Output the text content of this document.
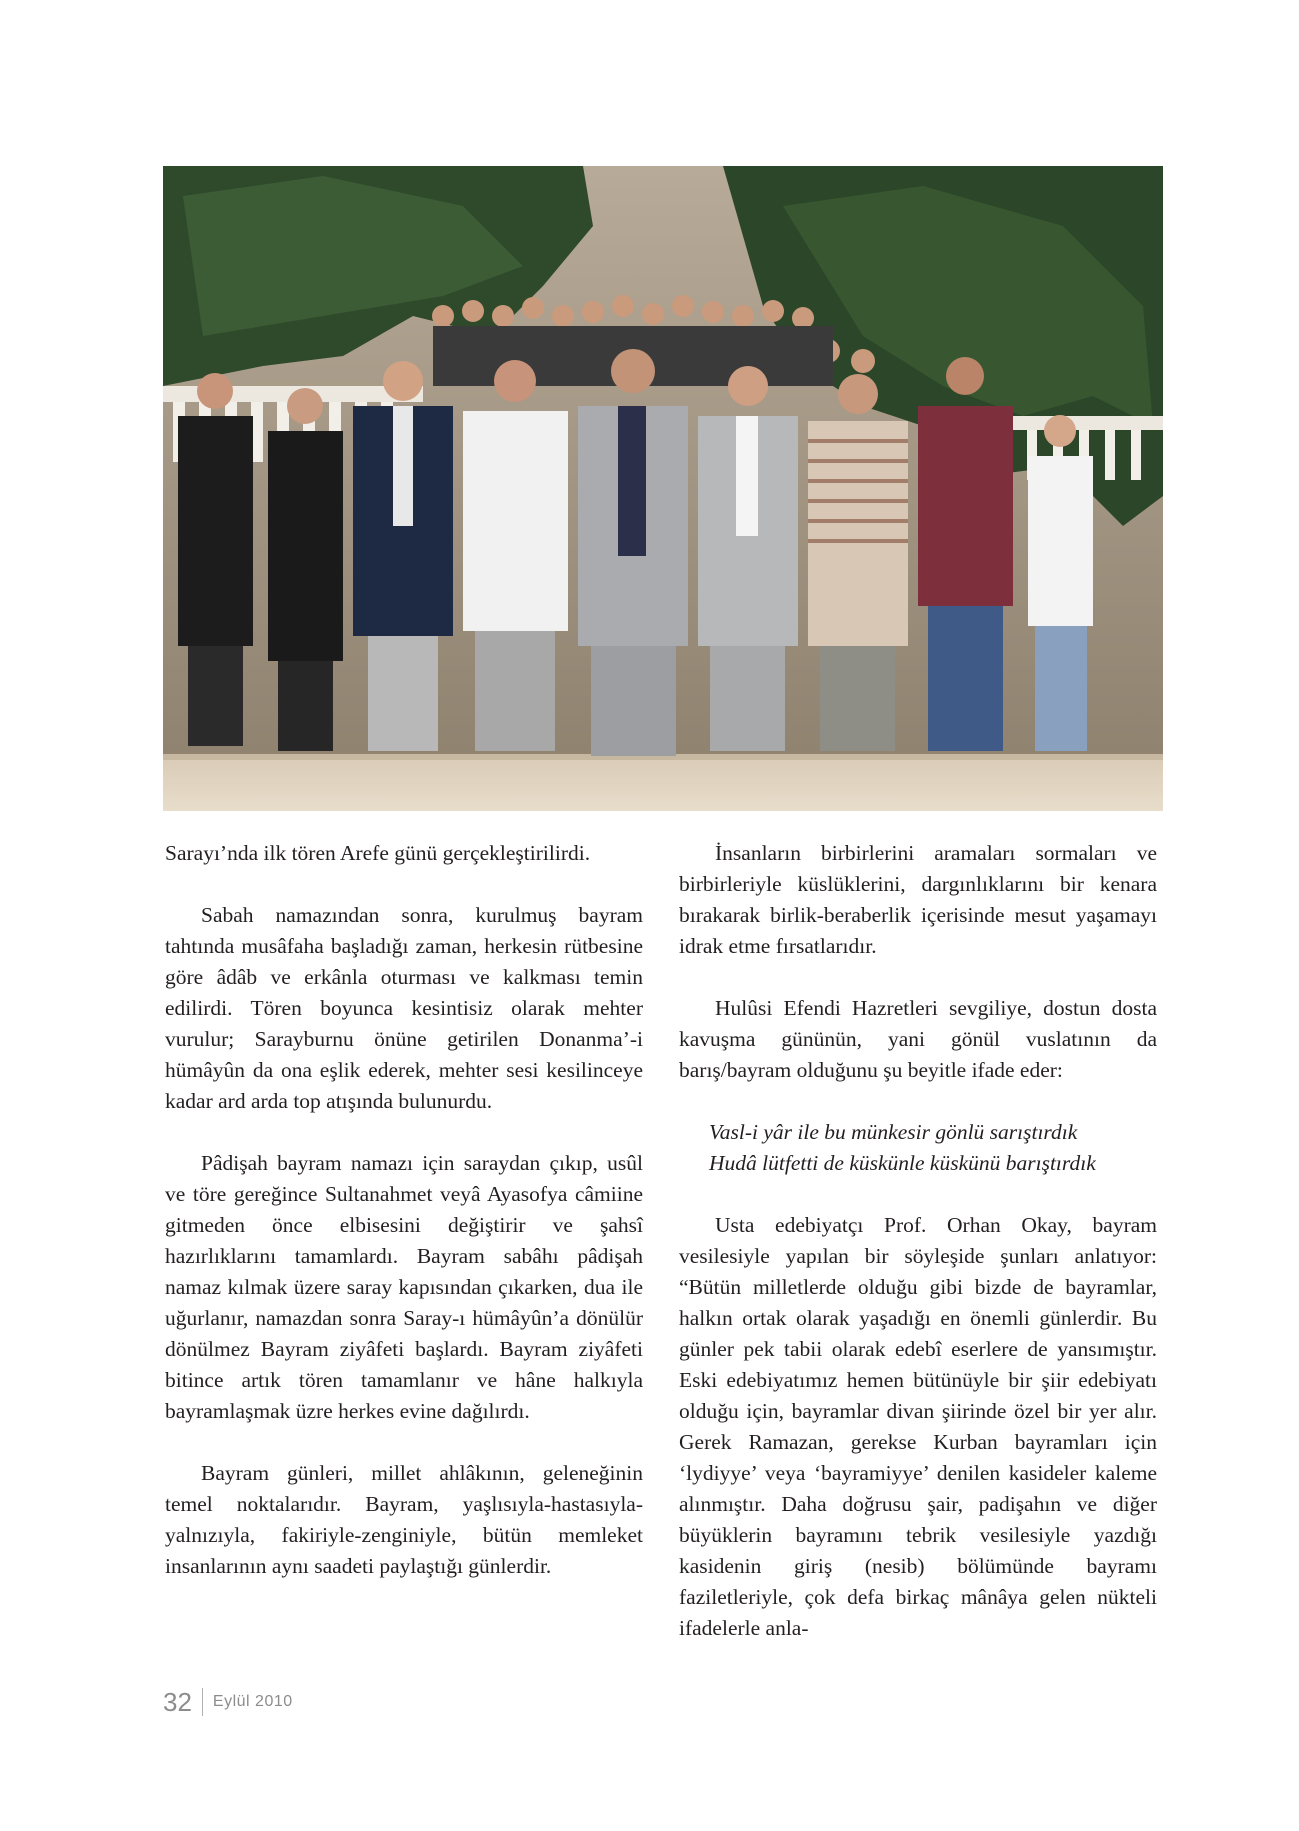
Sarayı’nda ilk tören Arefe günü gerçekleştirilirdi.

Sabah namazından sonra, kurulmuş bayram tahtında musâfaha başladığı zaman, herkesin rütbesine göre âdâb ve erkânla oturması ve kalkması temin edilirdi. Tören boyunca kesintisiz olarak mehter vurulur; Sarayburnu önüne getirilen Donanma’-i hümâyûn da ona eşlik ederek, mehter sesi kesilinceye kadar ard arda top atışında bulunurdu.

Pâdişah bayram namazı için saraydan çıkıp, usûl ve töre gereğince Sultanahmet veyâ Ayasofya câmiine gitmeden önce elbisesini değiştirir ve şahsî hazırlıklarını tamamlardı. Bayram sabâhı pâdişah namaz kılmak üzere saray kapısından çıkarken, dua ile uğurlanır, namazdan sonra Saray-ı hümâyûn’a dönülür dönülmez Bayram ziyâfeti başlardı. Bayram ziyâfeti bitince artık tören tamamlanır ve hâne halkıyla bayramlaşmak üzre herkes evine dağılırdı.

Bayram günleri, millet ahlâkının, geleneğinin temel noktalarıdır. Bayram, yaşlısıyla-hastasıyla-yalnızıyla, fakiriyle-zenginiyle, bütün memleket insanlarının aynı saadeti paylaştığı günlerdir.

İnsanların birbirlerini aramaları sormaları ve birbirleriyle küslüklerini, dargınlıklarını bir kenara bırakarak birlik-beraberlik içerisinde mesut yaşamayı idrak etme fırsatlarıdır.

Hulûsi Efendi Hazretleri sevgiliye, dostun dosta kavuşma gününün, yani gönül vuslatının da barış/bayram olduğunu şu beyitle ifade eder:

Vasl-i yâr ile bu münkesir gönlü sarıştırdık
Hudâ lütfetti de küskünle küskünü barıştırdık

Usta edebiyatçı Prof. Orhan Okay, bayram vesilesiyle yapılan bir söyleşide şunları anlatıyor: “Bütün milletlerde olduğu gibi bizde de bayramlar, halkın ortak olarak yaşadığı en önemli günlerdir. Bu günler pek tabii olarak edebî eserlere de yansımıştır. Eski edebiyatımız hemen bütünüyle bir şiir edebiyatı olduğu için, bayramlar divan şiirinde özel bir yer alır. Gerek Ramazan, gerekse Kurban bayramları için ‘lydiyye’ veya ‘bayramiyye’ denilen kasideler kaleme alınmıştır. Daha doğrusu şair, padişahın ve diğer büyüklerin bayramını tebrik vesilesiyle yazdığı kasidenin giriş (nesib) bölümünde bayramı faziletleriyle, çok defa birkaç mânâya gelen nükteli ifadelerle anla-

32 Eylül 2010
